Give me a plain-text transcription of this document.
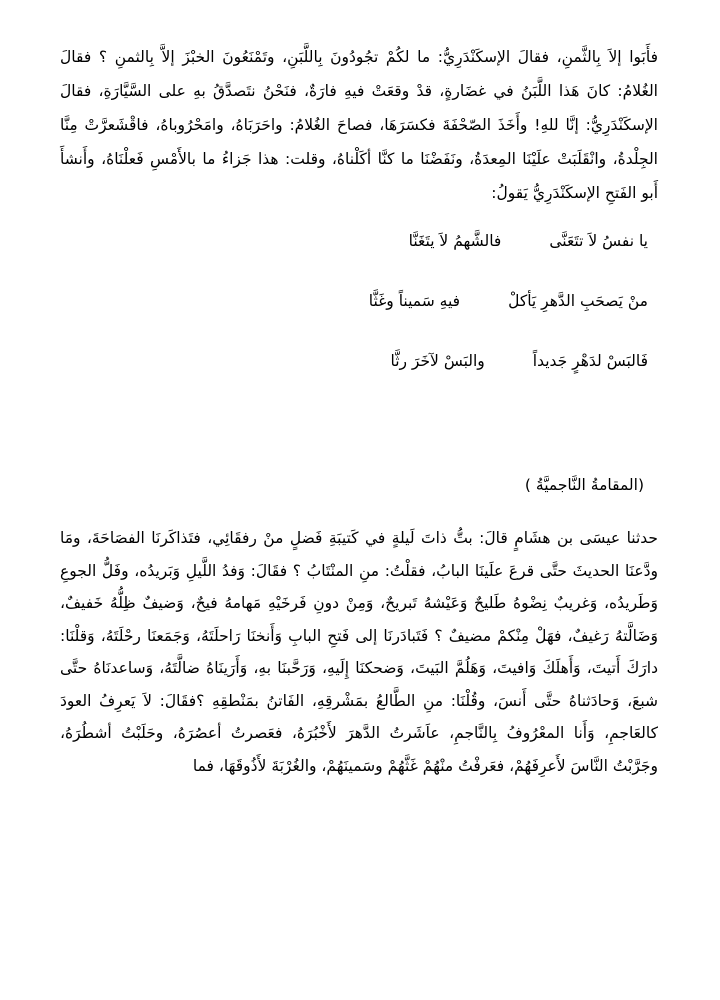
فأَبَوا إلاَ بِالثَّمنِ، فقالَ الإسكَنْدَرِيُّ: ما لكُمْ تجُودُونَ بِاللَّبَنِ، وتَمْنَعُونَ الخبْزَ إلاَّ بِالثمنِ ؟ فقالَ الغُلامُ: كانَ هَذا اللَّبَنُ في غضَارةٍ، قدْ وقعَتْ فيهِ فارَةٌ، فنَحْنُ نتَصدَّقُ بهِ على السَّيَّارَةِ، فقالَ الإسكَنْدَرِيُّ: إنَّا للهِ! وأَخَذَ الصّحْفَةَ فكسَرَهَا، فصاحَ الغُلامُ: واحَرَبَاهُ، وامَحْرُوباهُ، فاقْشَعرَّتْ مِنَّا الجِلْدةُ، وانْقَلَبَتْ علَيْنَا المِعدَةُ، ونَفَضْنَا ما كنَّا أكَلْناهُ، وقلت: هذا جَزاءُ ما بالأَمْسِ فَعلْنَاهُ، وأَنشأَ أَبو الفَتحِ الإسكَنْدَرِيُّ يَقولُ:

يا نفسُ لاَ تتَعَنَّى
فالشَّهمُ لاَ يتَغَنَّا
منْ يَصحَبِ الدَّهرِ يَأكلْ
فيهِ سَميناً وغَثَّا
فَالبَسْ لدَهْرٍ جَديداً
والبَسْ لآخَرَ رثَّا
(المقامةُ النَّاجميَّةُ )

حدثنا عيسَى بن هشَامٍ قالَ: بتُّ ذاتَ لَيلةٍ في كَتيبَةِ فَضلٍ منْ رفقَائِي، فتَذاكَرنَا الفصَاحَةَ، ومَا ودَّعنَا الحديثَ حتَّى قرعَ علَينَا البابُ، فقلْتُ: منِ المنْتَابُ ؟ فقَالَ: وَفدُ اللَّيلِ وَبَريدُه، وفَلُّ الجوعِ وَطَريدُه، وَغريبٌ نِضْوهُ طَليحٌ وَعَيْشهُ تَبريحٌ، وَمِنْ دونِ فَرخَيْهِ مَهامهُ فيحٌ، وَضيفٌ ظِلُّهُ خَفيفٌ، وَضَالَّتهُ رَغيفٌ، فهَلْ مِنْكمْ مضيفٌ ؟ فَتَبادَرنَا إلى فَتحِ البابِ وَأَنخنَا رَاحلَتَهُ، وَجَمَعنَا رحْلَتَهُ، وَقلْنَا: دارَكَ أَتيتَ، وَأَهلَكَ وَافيتَ، وَهَلُمَّ البَيتَ، وَضحكنَا إِلَيهِ، وَرَحَّبنَا بهِ، وَأَرَينَاهُ ضالَّتَهُ، وَساعدنَاهُ حتَّى شبعَ، وَحادَثناهُ حتَّى أَنسَ، وقُلْنَا: منِ الطَّالعُ بمَشْرقِهِ، الفَاتنُ بمَنْطقِهِ ؟فقَالَ: لاَ يَعرِفُ العودَ كالعَاجمِ، وَأَنا المعْرُوفُ بِالنَّاجمِ، عاَشَرتُ الدَّهرَ لأَخْبُرَهُ، فعَصرتُ أعصُرَهُ، وحَلَبْتُ أشطُرَهُ، وجَرَّبْتُ النَّاسَ لأَعرِفَهُمْ، فعَرفْتُ منْهُمْ غَثَّهُمْ وسَمينَهُمْ، والغُرْبَةَ لأَذُوقَهَا، فما
